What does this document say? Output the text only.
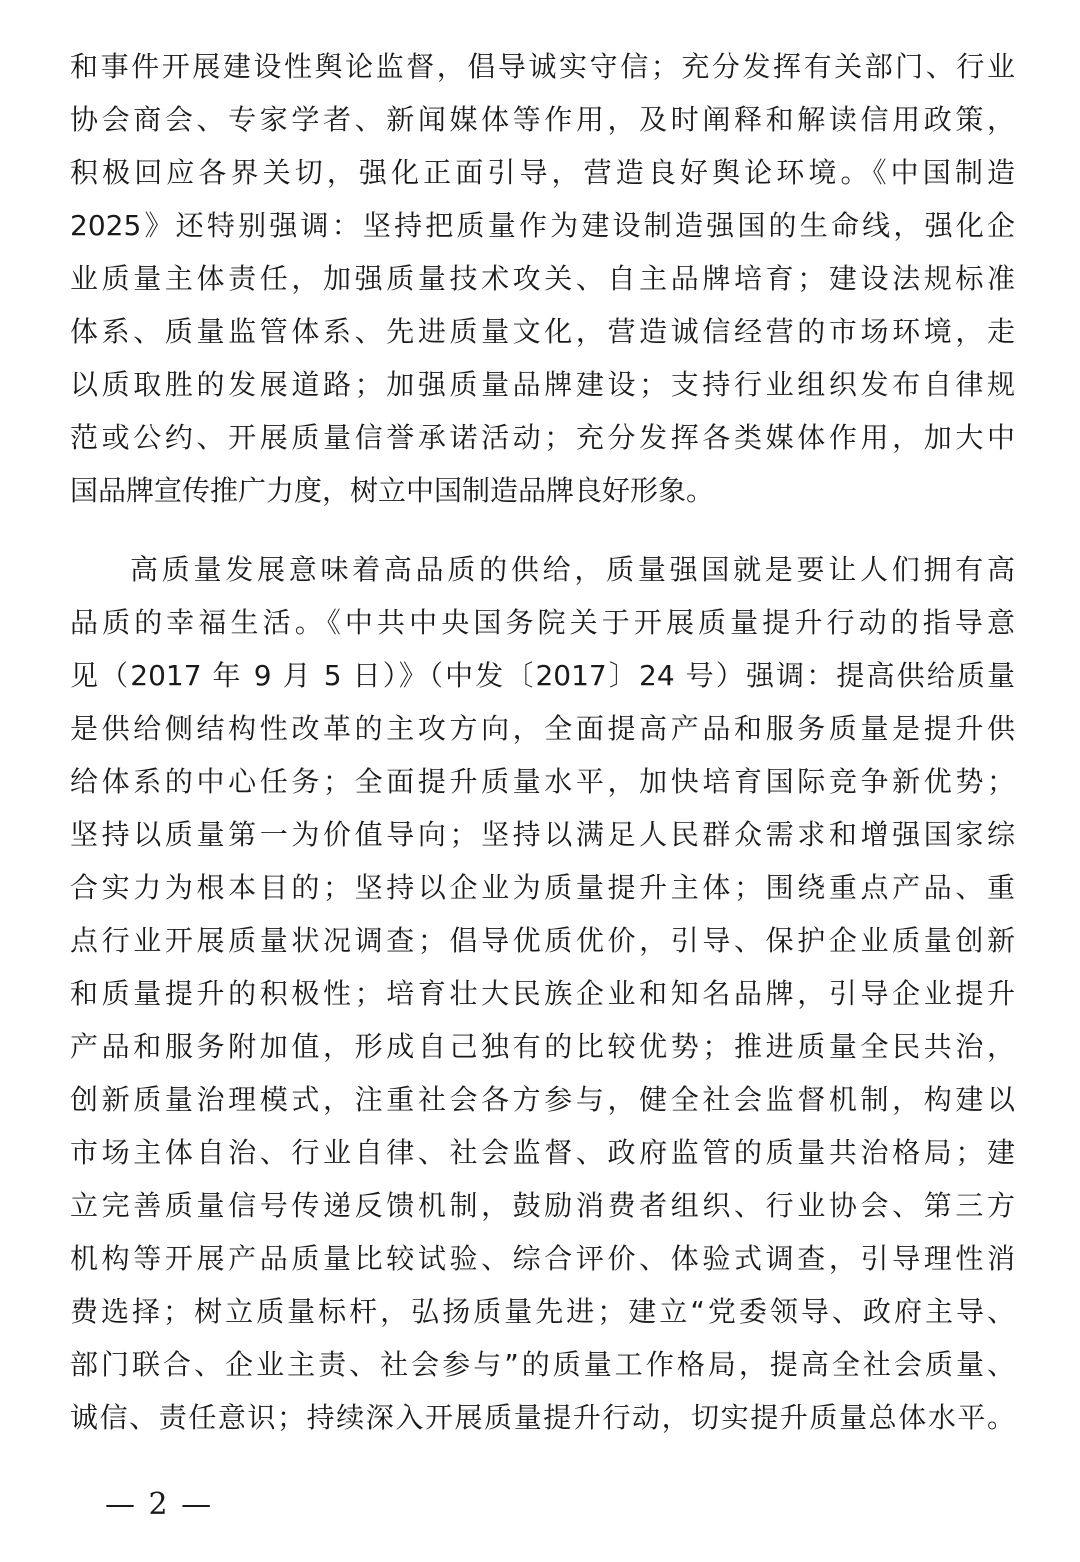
和事件开展建设性舆论监督，倡导诚实守信；充分发挥有关部门、行业
协会商会、专家学者、新闻媒体等作用，及时阐释和解读信用政策，
积极回应各界关切，强化正面引导，营造良好舆论环境。《中国制造
2025》还特别强调：坚持把质量作为建设制造强国的生命线，强化企
业质量主体责任，加强质量技术攻关、自主品牌培育；建设法规标准
体系、质量监管体系、先进质量文化，营造诚信经营的市场环境，走
以质取胜的发展道路；加强质量品牌建设；支持行业组织发布自律规
范或公约、开展质量信誉承诺活动；充分发挥各类媒体作用，加大中
国品牌宣传推广力度，树立中国制造品牌良好形象。
高质量发展意味着高品质的供给，质量强国就是要让人们拥有高
品质的幸福生活。《中共中央国务院关于开展质量提升行动的指导意
见（2017 年 9 月 5 日）》（中发〔2017〕24 号）强调：提高供给质量
是供给侧结构性改革的主攻方向，全面提高产品和服务质量是提升供
给体系的中心任务；全面提升质量水平，加快培育国际竞争新优势；
坚持以质量第一为价值导向；坚持以满足人民群众需求和增强国家综
合实力为根本目的；坚持以企业为质量提升主体；围绕重点产品、重
点行业开展质量状况调查；倡导优质优价，引导、保护企业质量创新
和质量提升的积极性；培育壮大民族企业和知名品牌，引导企业提升
产品和服务附加值，形成自己独有的比较优势；推进质量全民共治，
创新质量治理模式，注重社会各方参与，健全社会监督机制，构建以
市场主体自治、行业自律、社会监督、政府监管的质量共治格局；建
立完善质量信号传递反馈机制，鼓励消费者组织、行业协会、第三方
机构等开展产品质量比较试验、综合评价、体验式调查，引导理性消
费选择；树立质量标杆，弘扬质量先进；建立“党委领导、政府主导、
部门联合、企业主责、社会参与”的质量工作格局，提高全社会质量、
诚信、责任意识；持续深入开展质量提升行动，切实提升质量总体水平。
— 2 —
